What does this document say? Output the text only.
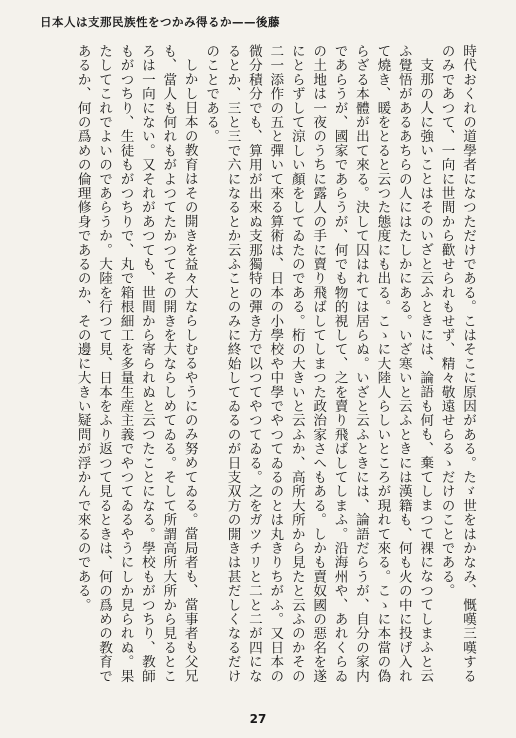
日本人は支那民族性をつかみ得るか——後藤

時代おくれの道學者になつただけである。こはそこに原因がある。たゞ世をはかなみ、慨嘆三嘆するのみであつて、一向に世間から歡せられもせず、精々敬遠せらるゝだけのことである。

支那の人に強いことはそのいざと云ふときには、論語も何も、棄てしまつて裸になつてしまふと云ふ覺悟があるあちらの人にはたしかにある。いざ寒いと云ふときには漢籍も、何も火の中に投げ入れて燒き、暖をとると云つた態度にも出る。こゝに大陸人らしいところが現れて來る。こゝに本當の偽らざる本體が出て來る。決して囚はれては居らぬ。いざと云ふときには、論語だらうが、自分の家内であらうが、國家であらうが、何でも物的視して、之を賣り飛ばしてしまふ。沿海州や、あれくらゐの土地は一夜のうちに露人の手に賣り飛ばしてしまつた政治家さへもある。しかも賣奴國の惡名を遂にとらずして涼しい顏をしてゐたのである。桁の大きいと云ふか、高所大所から見たと云ふのかその二一添作の五と彈いて來る算術は、日本の小學校や中學でやつてゐるのとは丸きりちがふ。又日本の微分積分でも、算用が出來ぬ支那獨特の彈き方で以つてやつてゐる。之をガツチリと二と二が四になるとか、三と三で六になるとか云ふことのみに終始してゐるのが日支双方の開きは甚だしくなるだけのことである。

しかし日本の教育はその開きを益々大ならしむるやうにのみ努めてゐる。當局者も、當事者も父兄も、當人も何れもがよつてたかつてその開きを大ならしめてゐる。そして所謂高所大所から見るところは一向にない。又それがあつても、世間から寄られぬと云つたことになる。學校もがつちり、教師もがつちり、生徒もがつちりで、丸で箱根細工を多量生産主義でやつてゐるやうにしか見られぬ。果たしてこれでよいのであらうか。大陸を行つて見、日本をふり返つて見るときは、何の爲めの教育であるか、何の爲めの倫理修身であるのか、その邊に大きい疑問が浮かんで來るのである。

27
